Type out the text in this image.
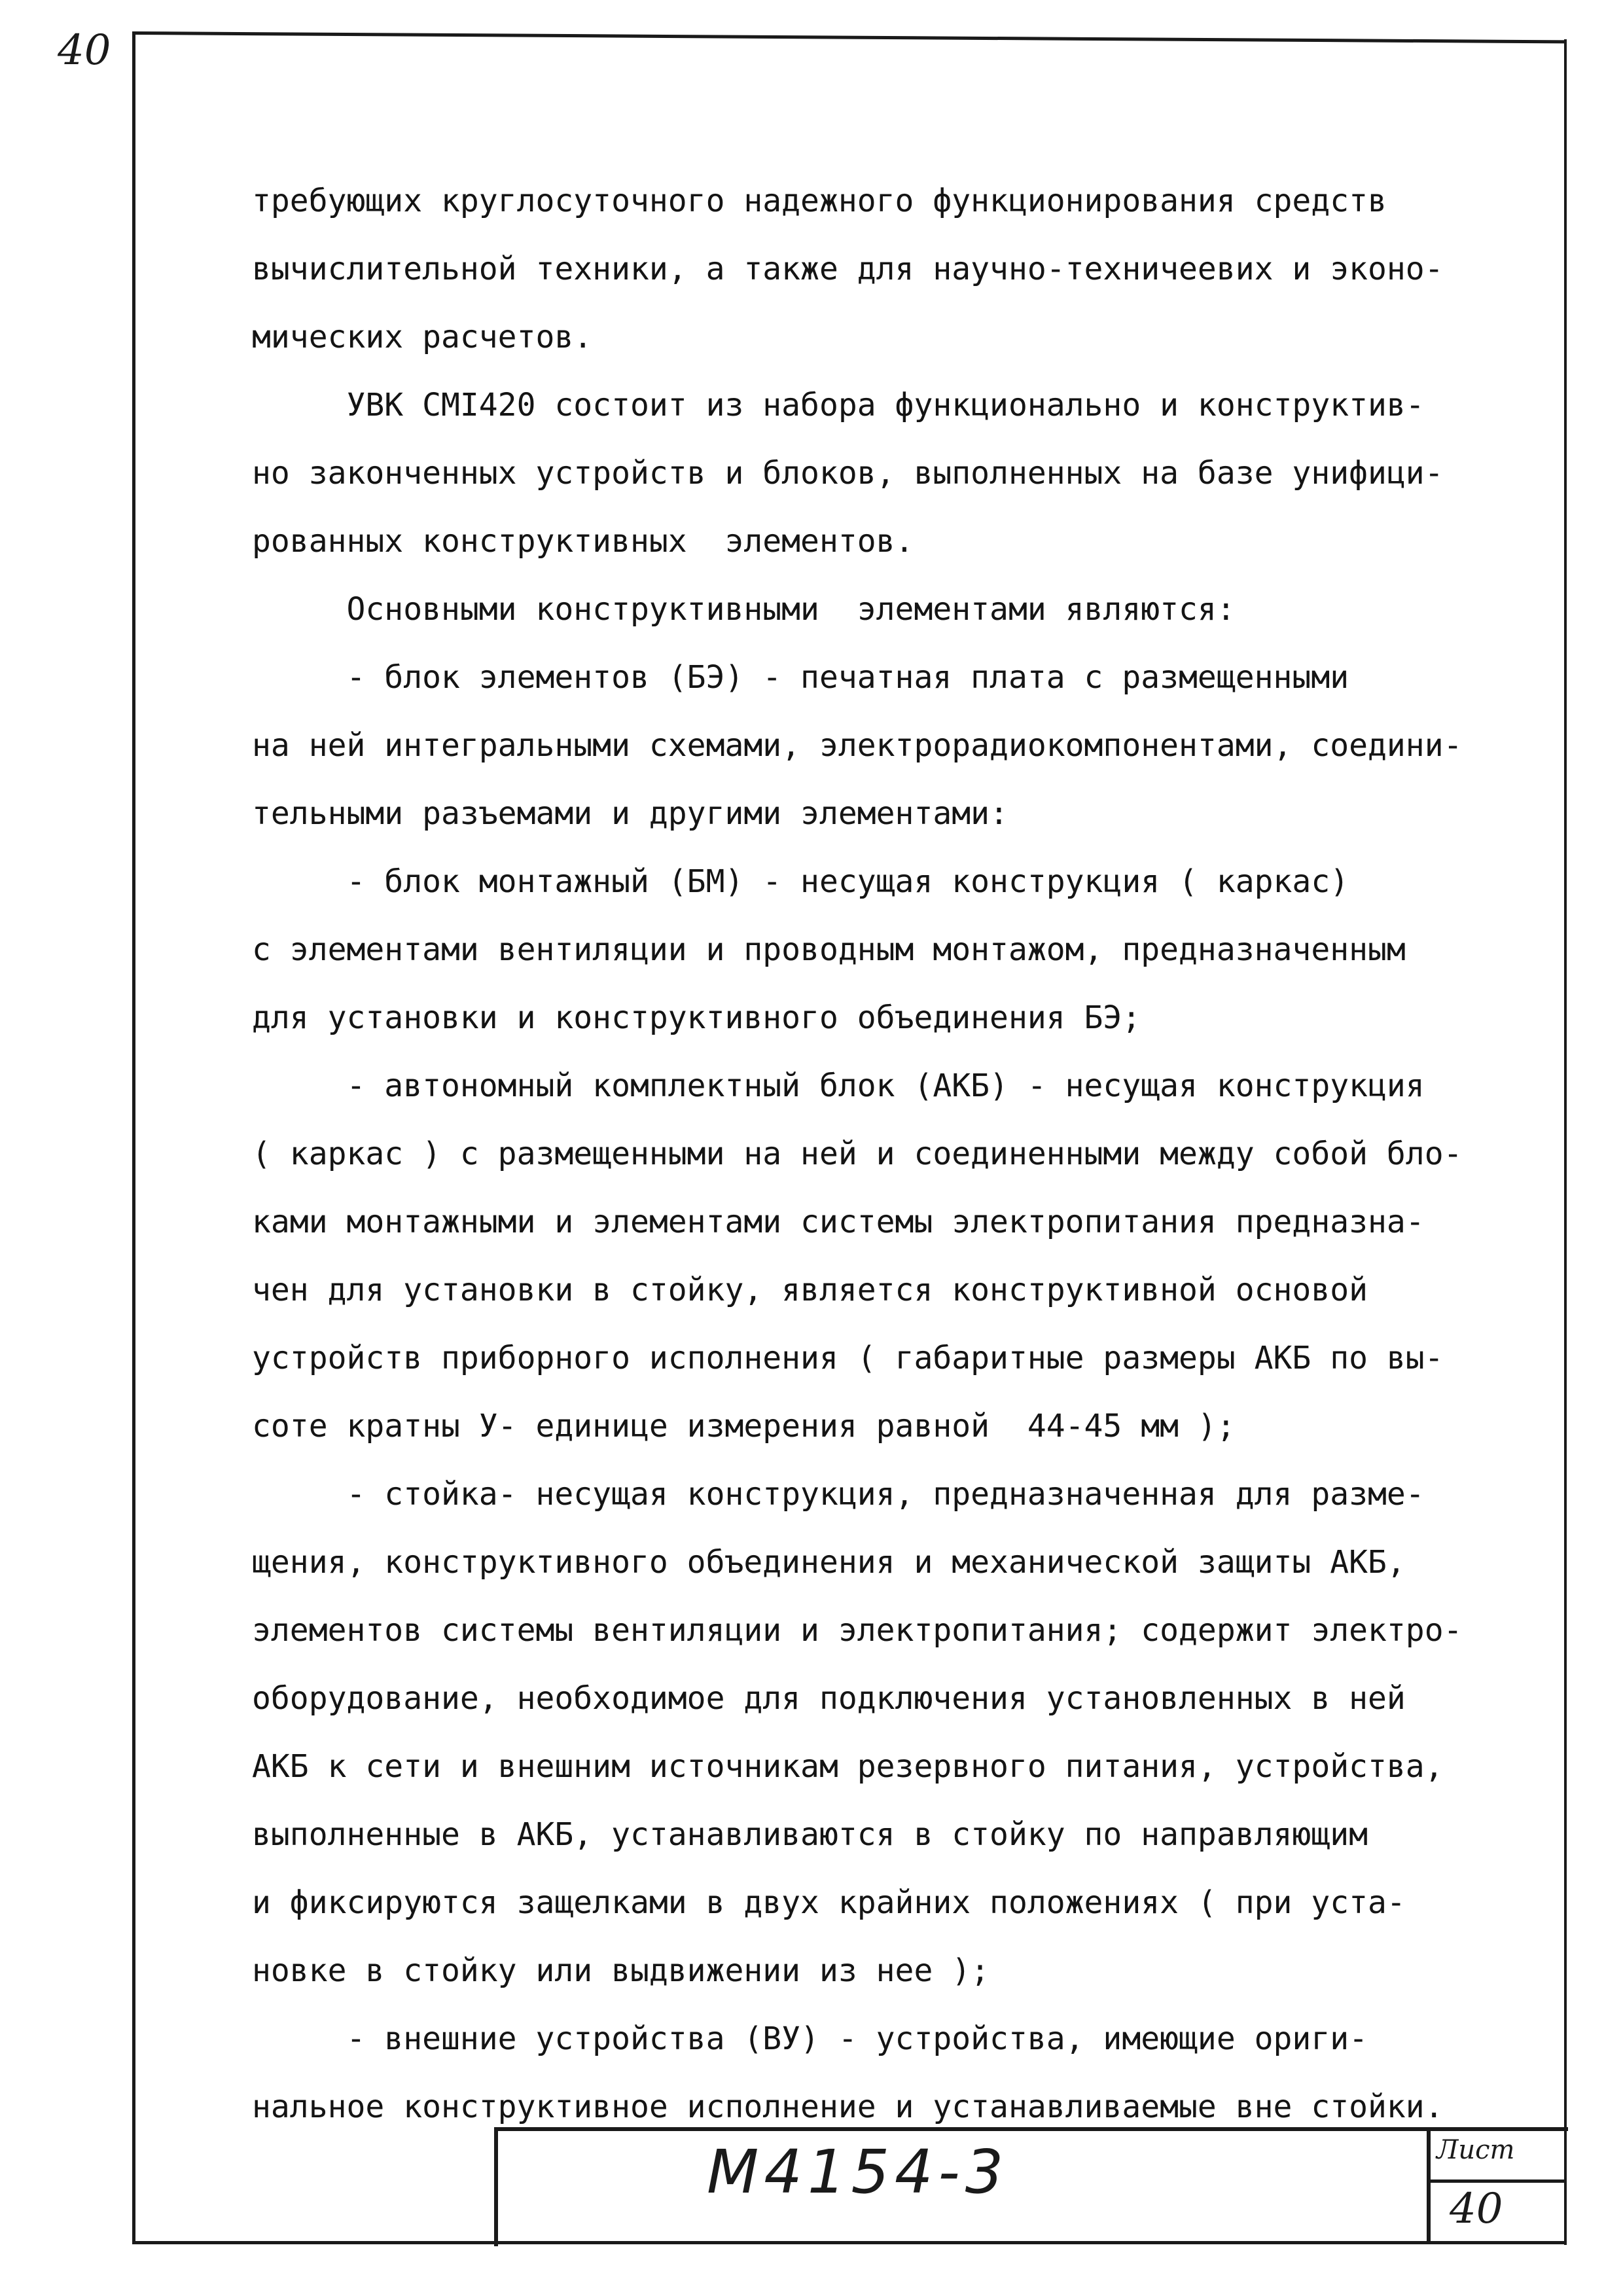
40
требующих круглосуточного надежного функционирования средств
вычислительной техники, а также для научно-техничеевих и эконо-
мических расчетов.
УВК CMI420 состоит из набора функционально и конструктив-
но законченных устройств и блоков, выполненных на базе унифици-
рованных конструктивных  элементов.
Основными конструктивными  элементами являются:
- блок элементов (БЭ) - печатная плата с размещенными
на ней интегральными схемами, электрорадиокомпонентами, соедини-
тельными разъемами и другими элементами:
- блок монтажный (БМ) - несущая конструкция ( каркас)
с элементами вентиляции и проводным монтажом, предназначенным
для установки и конструктивного объединения БЭ;
- автономный комплектный блок (АКБ) - несущая конструкция
( каркас ) с размещенными на ней и соединенными между собой бло-
ками монтажными и элементами системы электропитания предназна-
чен для установки в стойку, является конструктивной основой
устройств приборного исполнения ( габаритные размеры АКБ по вы-
соте кратны У- единице измерения равной  44-45 мм );
- стойка- несущая конструкция, предназначенная для разме-
щения, конструктивного объединения и механической защиты АКБ,
элементов системы вентиляции и электропитания; содержит электро-
оборудование, необходимое для подключения установленных в ней
АКБ к сети и внешним источникам резервного питания, устройства,
выполненные в АКБ, устанавливаются в стойку по направляющим
и фиксируются защелками в двух крайних положениях ( при уста-
новке в стойку или выдвижении из нее );
- внешние устройства (ВУ) - устройства, имеющие ориги-
нальное конструктивное исполнение и устанавливаемые вне стойки.
М4154-3	Лист
40
